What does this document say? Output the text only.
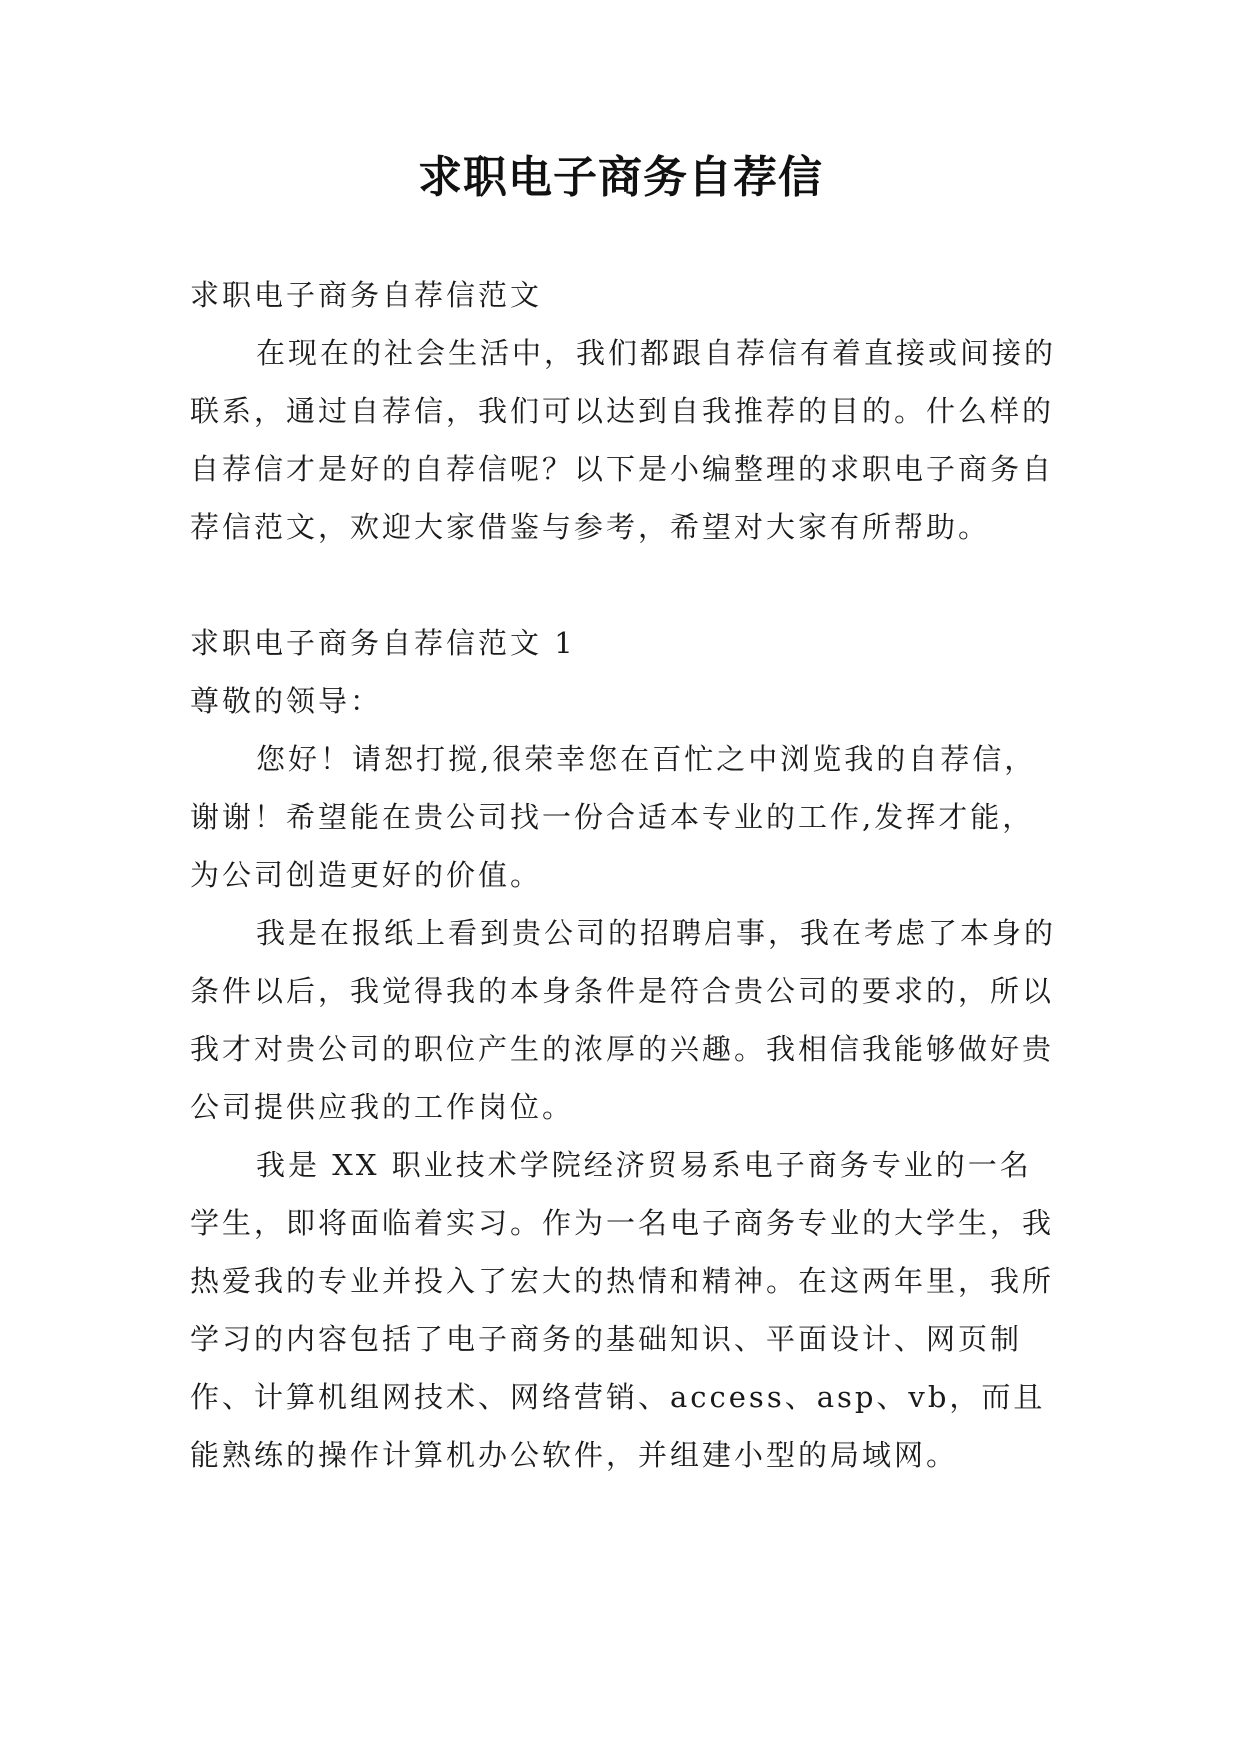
求职电子商务自荐信

求职电子商务自荐信范文

在现在的社会生活中，我们都跟自荐信有着直接或间接的联系，通过自荐信，我们可以达到自我推荐的目的。什么样的自荐信才是好的自荐信呢？以下是小编整理的求职电子商务自荐信范文，欢迎大家借鉴与参考，希望对大家有所帮助。

求职电子商务自荐信范文 1

尊敬的领导：

您好！请恕打搅,很荣幸您在百忙之中浏览我的自荐信，谢谢！希望能在贵公司找一份合适本专业的工作,发挥才能，为公司创造更好的价值。

我是在报纸上看到贵公司的招聘启事，我在考虑了本身的条件以后，我觉得我的本身条件是符合贵公司的要求的，所以我才对贵公司的职位产生的浓厚的兴趣。我相信我能够做好贵公司提供应我的工作岗位。

我是 XX 职业技术学院经济贸易系电子商务专业的一名学生，即将面临着实习。作为一名电子商务专业的大学生，我热爱我的专业并投入了宏大的热情和精神。在这两年里，我所学习的内容包括了电子商务的基础知识、平面设计、网页制作、计算机组网技术、网络营销、access、asp、vb，而且能熟练的操作计算机办公软件，并组建小型的局域网。
